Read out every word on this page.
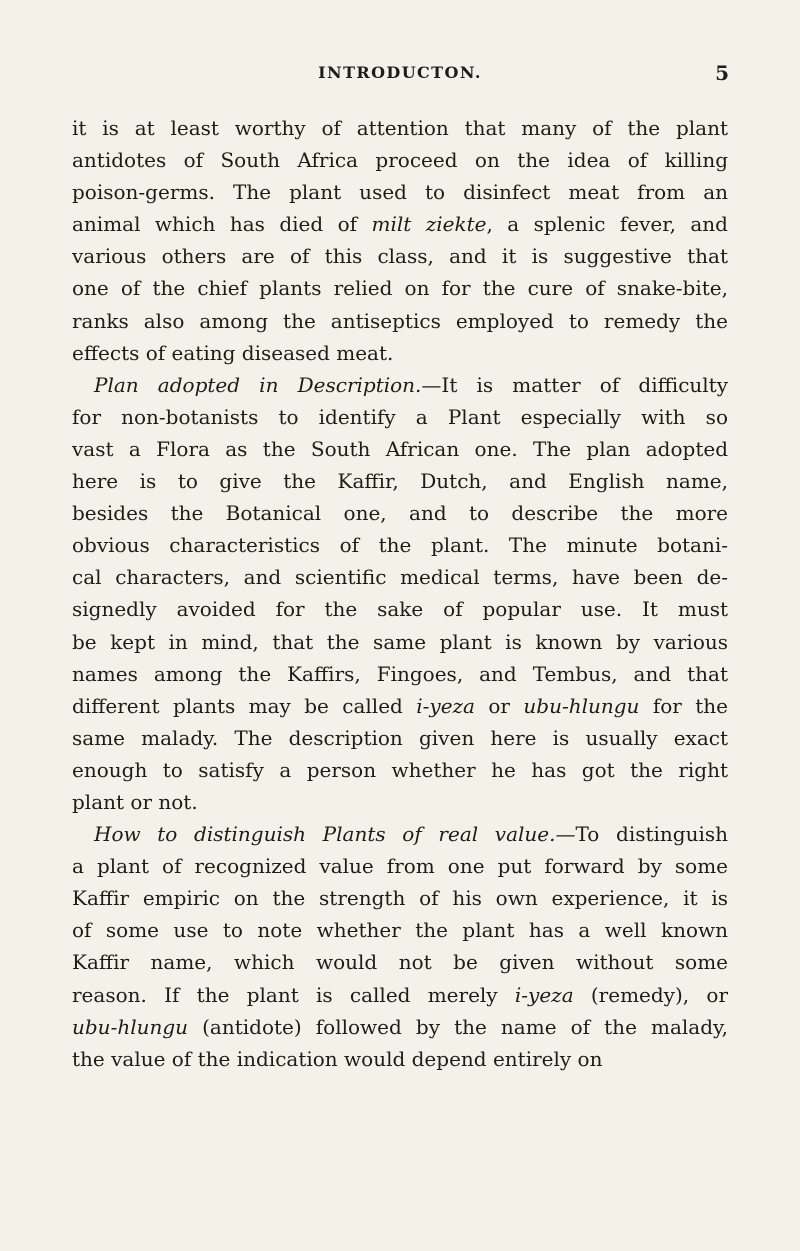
INTRODUCTON.	5
it is at least worthy of attention that many of the plant
antidotes of South Africa proceed on the idea of killing
poison-germs. The plant used to disinfect meat from an
animal which has died of milt ziekte, a splenic fever, and
various others are of this class, and it is suggestive that
one of the chief plants relied on for the cure of snake-bite,
ranks also among the antiseptics employed to remedy the
effects of eating diseased meat.
Plan adopted in Description.—It is matter of difficulty
for non-botanists to identify a Plant especially with so
vast a Flora as the South African one. The plan adopted
here is to give the Kaffir, Dutch, and English name,
besides the Botanical one, and to describe the more
obvious characteristics of the plant. The minute botani-
cal characters, and scientific medical terms, have been de-
signedly avoided for the sake of popular use. It must
be kept in mind, that the same plant is known by various
names among the Kaffirs, Fingoes, and Tembus, and that
different plants may be called i-yeza or ubu-hlungu for the
same malady. The description given here is usually exact
enough to satisfy a person whether he has got the right
plant or not.
How to distinguish Plants of real value.—To distinguish
a plant of recognized value from one put forward by some
Kaffir empiric on the strength of his own experience, it is
of some use to note whether the plant has a well known
Kaffir name, which would not be given without some
reason. If the plant is called merely i-yeza (remedy), or
ubu-hlungu (antidote) followed by the name of the malady,
the value of the indication would depend entirely on
